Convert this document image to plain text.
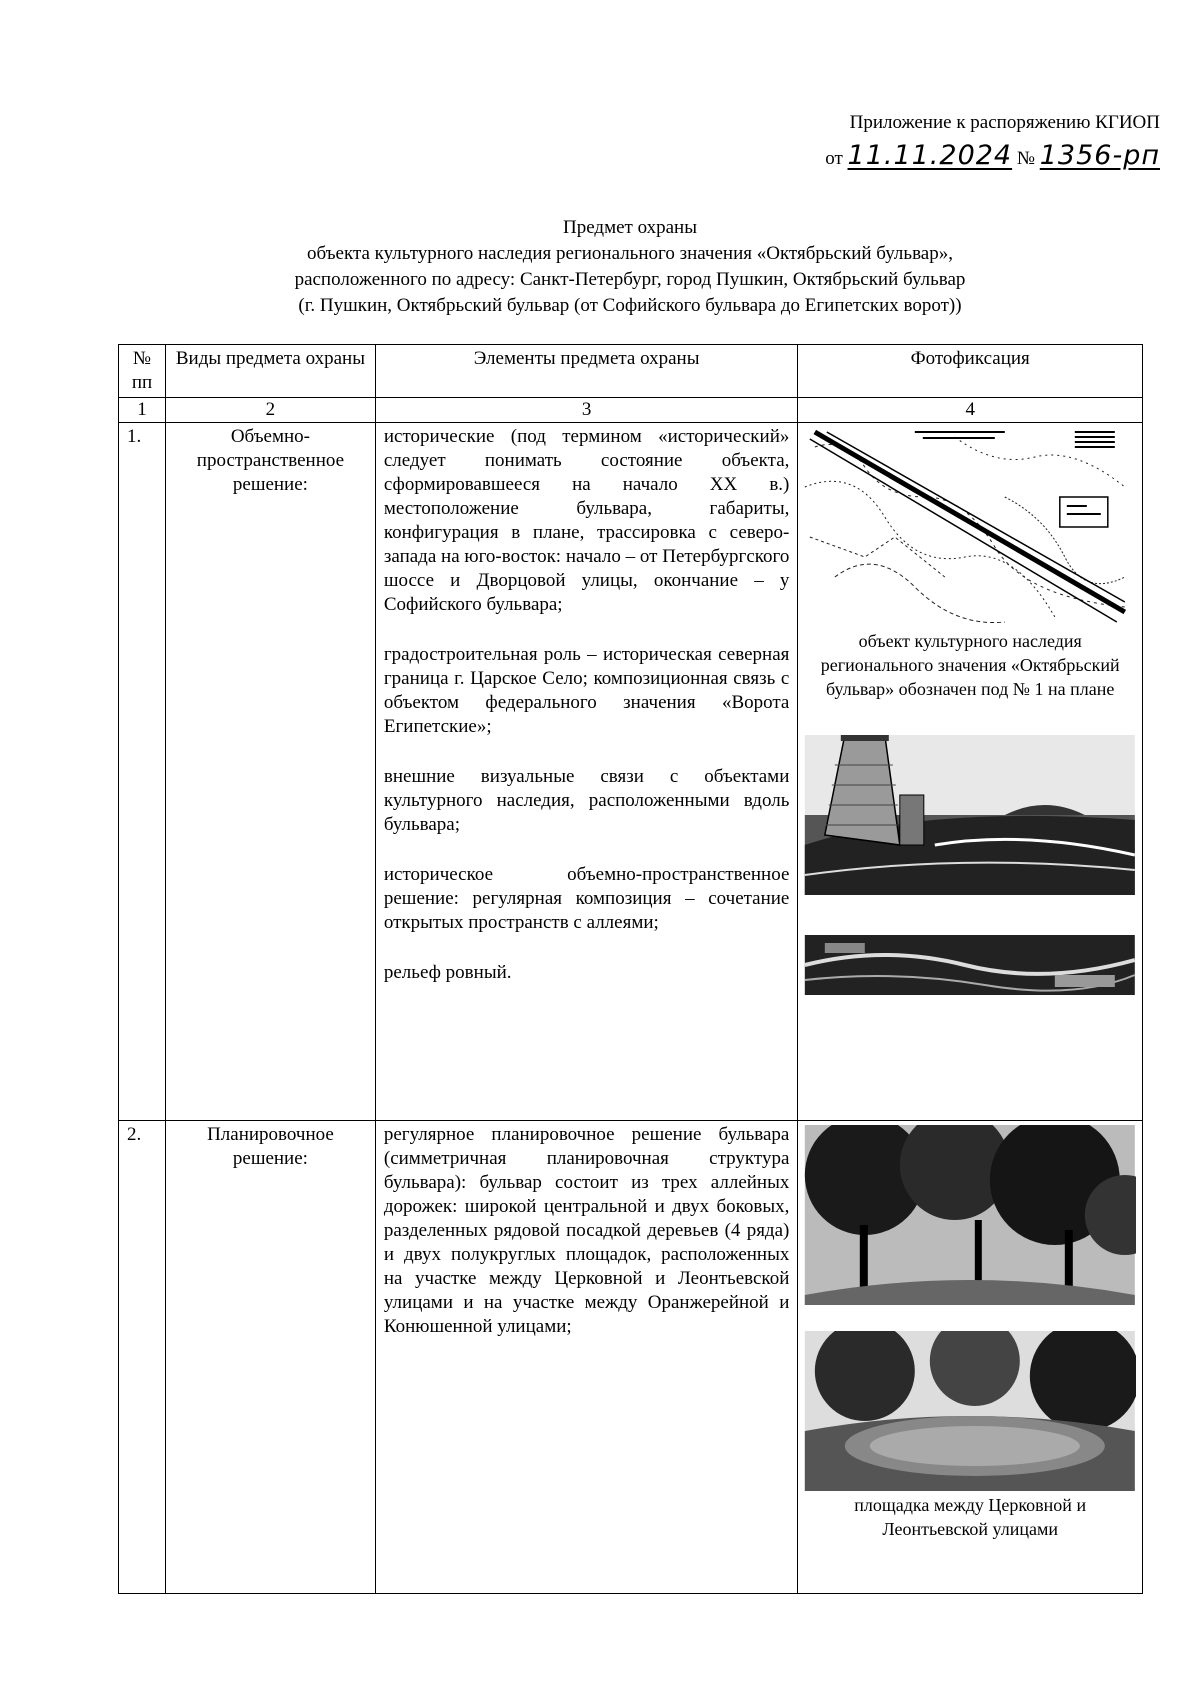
Приложение к распоряжению КГИОП
от 11.11.2024 № 1356-рп
Предмет охраны
объекта культурного наследия регионального значения «Октябрьский бульвар»,
расположенного по адресу: Санкт-Петербург, город Пушкин, Октябрьский бульвар
(г. Пушкин, Октябрьский бульвар (от Софийского бульвара до Египетских ворот))
№ пп	Виды предмета охраны	Элементы предмета охраны	Фотофиксация
1	2	3	4
1.	Объемно-пространственное решение:	исторические (под термином «исторический» следует понимать состояние объекта, сформировавшееся на начало XX в.) местоположение бульвара, габариты, конфигурация в плане, трассировка с северо-запада на юго-восток: начало – от Петербургского шоссе и Дворцовой улицы, окончание – у Софийского бульвара;

градостроительная роль – историческая северная граница г. Царское Село; композиционная связь с объектом федерального значения «Ворота Египетские»;

внешние визуальные связи с объектами культурного наследия, расположенными вдоль бульвара;

историческое объемно-пространственное решение: регулярная композиция – сочетание открытых пространств с аллеями;

рельеф ровный.	объект культурного наследия регионального значения «Октябрьский бульвар» обозначен под № 1 на плане

2.	Планировочное решение:	регулярное планировочное решение бульвара (симметричная планировочная структура бульвара): бульвар состоит из трех аллейных дорожек: широкой центральной и двух боковых, разделенных рядовой посадкой деревьев (4 ряда) и двух полукруглых площадок, расположенных на участке между Церковной и Леонтьевской улицами и на участке между Оранжерейной и Конюшенной улицами;	площадка между Церковной и Леонтьевской улицами
